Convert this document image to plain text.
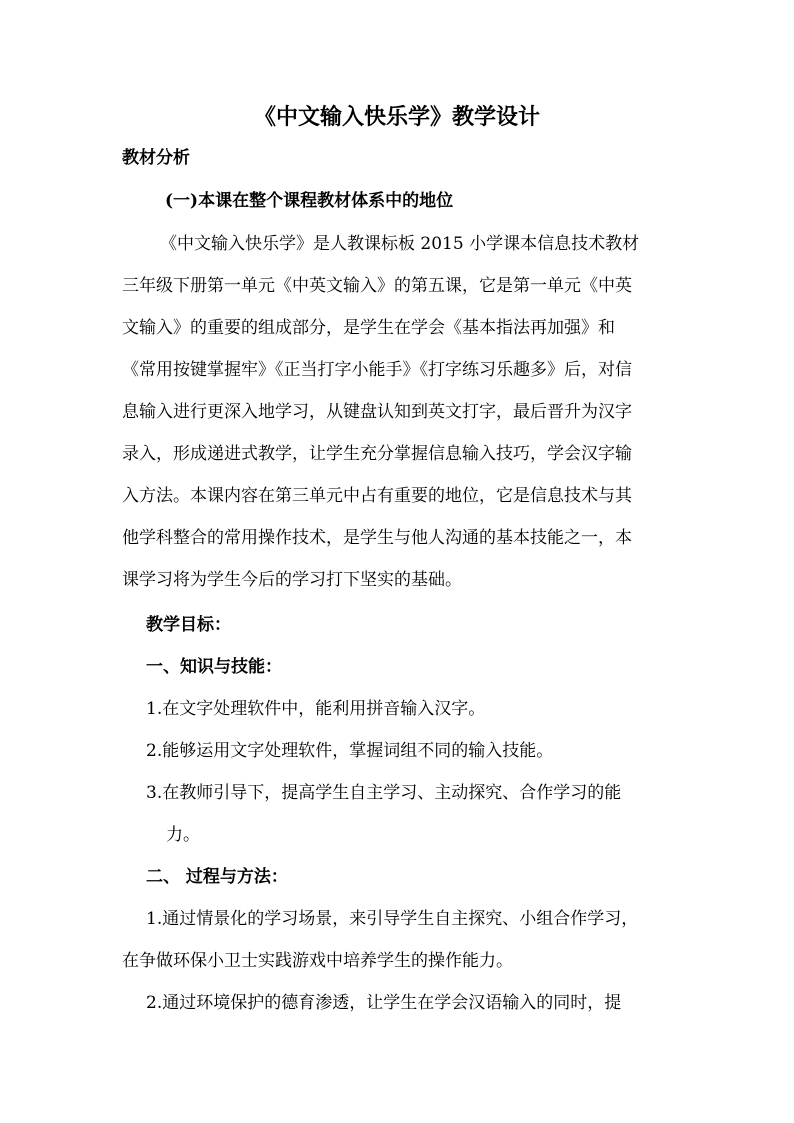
《中文输入快乐学》教学设计
教材分析
(一)本课在整个课程教材体系中的地位
《中文输入快乐学》是人教课标板 2015 小学课本信息技术教材
三年级下册第一单元《中英文输入》的第五课，它是第一单元《中英
文输入》的重要的组成部分，是学生在学会《基本指法再加强》和
《常用按键掌握牢》《正当打字小能手》《打字练习乐趣多》后，对信
息输入进行更深入地学习，从键盘认知到英文打字，最后晋升为汉字
录入，形成递进式教学，让学生充分掌握信息输入技巧，学会汉字输
入方法。本课内容在第三单元中占有重要的地位，它是信息技术与其
他学科整合的常用操作技术，是学生与他人沟通的基本技能之一，本
课学习将为学生今后的学习打下坚实的基础。
教学目标：
一、知识与技能：
1.在文字处理软件中，能利用拼音输入汉字。
2.能够运用文字处理软件，掌握词组不同的输入技能。
3.在教师引导下，提高学生自主学习、主动探究、合作学习的能
力。
二、 过程与方法：
1.通过情景化的学习场景，来引导学生自主探究、小组合作学习，
在争做环保小卫士实践游戏中培养学生的操作能力。
2.通过环境保护的德育渗透，让学生在学会汉语输入的同时，提
